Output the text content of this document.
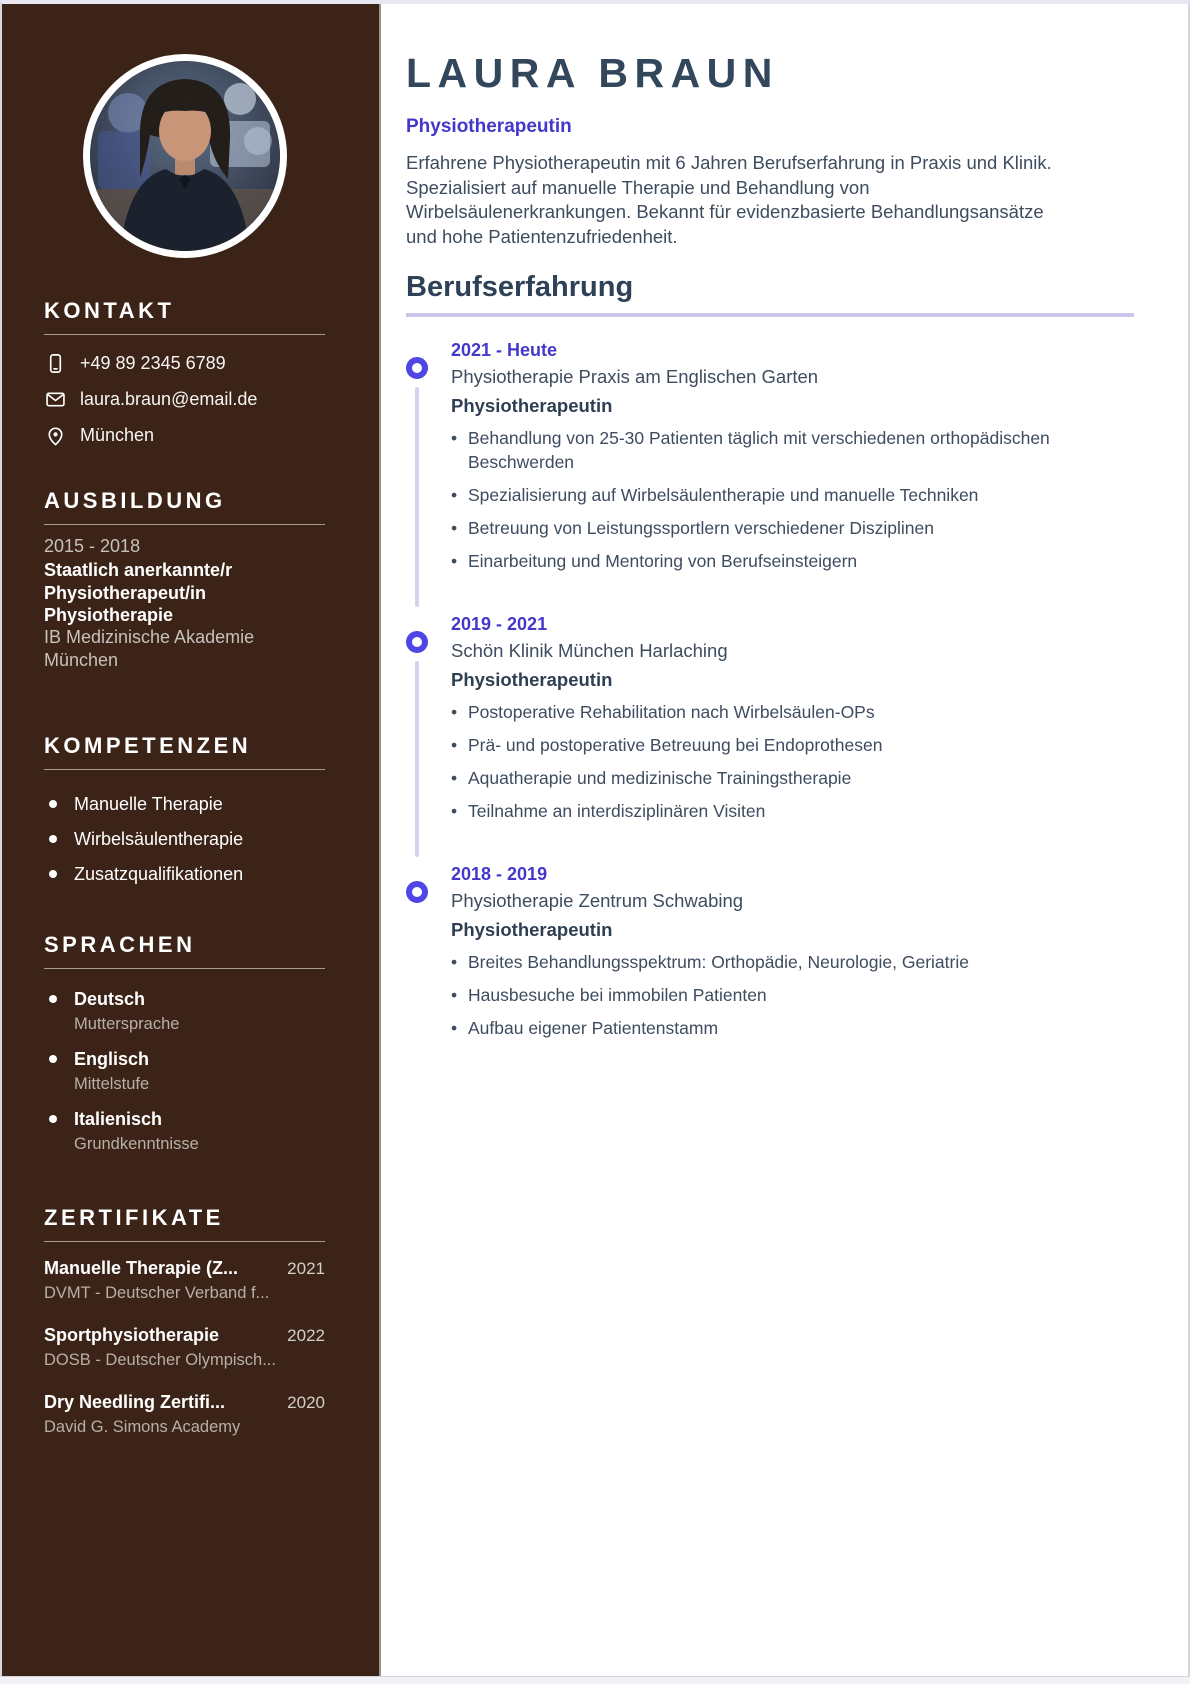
KONTAKT
+49 89 2345 6789
laura.braun@email.de
München
AUSBILDUNG
2015 - 2018
Staatlich anerkannte/r Physiotherapeut/in Physiotherapie
IB Medizinische Akademie München
KOMPETENZEN
Manuelle Therapie
Wirbelsäulentherapie
Zusatzqualifikationen
SPRACHEN
Deutsch
Muttersprache
Englisch
Mittelstufe
Italienisch
Grundkenntnisse
ZERTIFIKATE
Manuelle Therapie (Z...	2021
DVMT - Deutscher Verband f...
Sportphysiotherapie	2022
DOSB - Deutscher Olympisch...
Dry Needling Zertifi...	2020
David G. Simons Academy
LAURA BRAUN
Physiotherapeutin

Erfahrene Physiotherapeutin mit 6 Jahren Berufserfahrung in Praxis und Klinik. Spezialisiert auf manuelle Therapie und Behandlung von Wirbelsäulenerkrankungen. Bekannt für evidenzbasierte Behandlungsansätze und hohe Patientenzufriedenheit.

Berufserfahrung
2021 - Heute
Physiotherapie Praxis am Englischen Garten
Physiotherapeutin
• Behandlung von 25-30 Patienten täglich mit verschiedenen orthopädischen Beschwerden
• Spezialisierung auf Wirbelsäulentherapie und manuelle Techniken
• Betreuung von Leistungssportlern verschiedener Disziplinen
• Einarbeitung und Mentoring von Berufseinsteigern
2019 - 2021
Schön Klinik München Harlaching
Physiotherapeutin
• Postoperative Rehabilitation nach Wirbelsäulen-OPs
• Prä- und postoperative Betreuung bei Endoprothesen
• Aquatherapie und medizinische Trainingstherapie
• Teilnahme an interdisziplinären Visiten
2018 - 2019
Physiotherapie Zentrum Schwabing
Physiotherapeutin
• Breites Behandlungsspektrum: Orthopädie, Neurologie, Geriatrie
• Hausbesuche bei immobilen Patienten
• Aufbau eigener Patientenstamm
